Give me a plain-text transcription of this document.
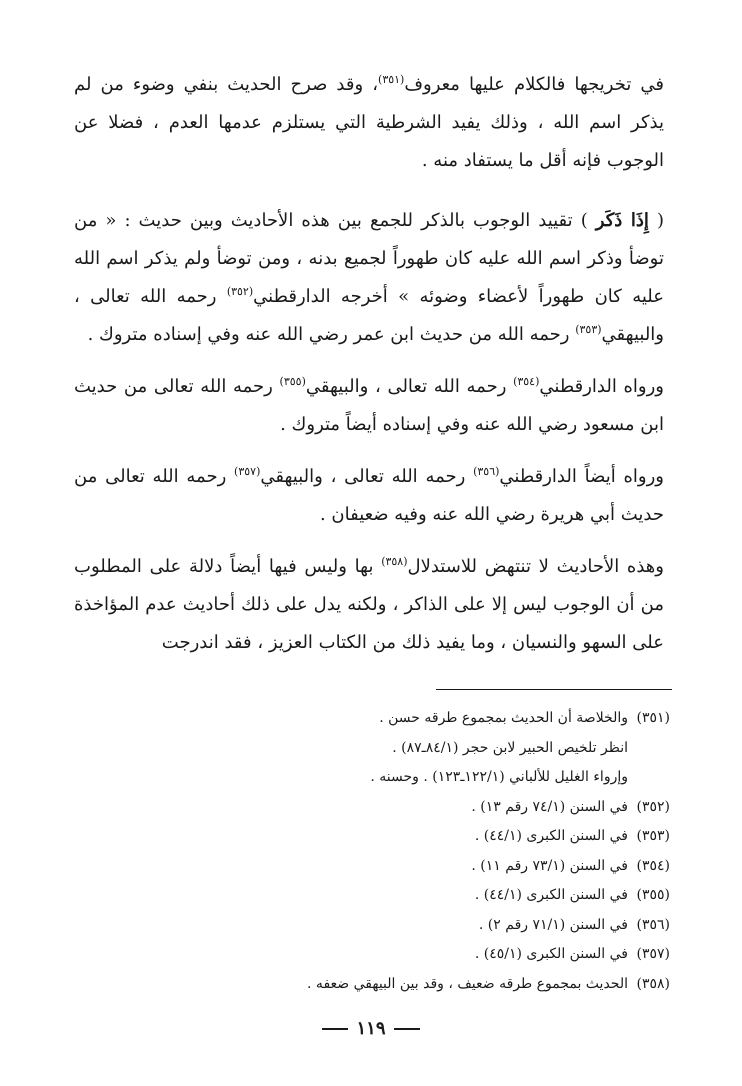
في تخريجها فالكلام عليها معروف$^{(٣٥١)}$، وقد صرح الحديث بنفي وضوء من لم يذكر اسم الله ، وذلك يفيد الشرطية التي يستلزم عدمها العدم ، فضلا عن الوجوب فإنه أقل ما يستفاد منه .

( إِذَا ذَكَر ) تقييد الوجوب بالذكر للجمع بين هذه الأحاديث وبين حديث : « من توضأ وذكر اسم الله عليه كان طهوراً لجميع بدنه ، ومن توضأ ولم يذكر اسم الله عليه كان طهوراً لأعضاء وضوئه » أخرجه الدارقطني$^{(٣٥٢)}$ رحمه الله تعالى ، والبيهقي$^{(٣٥٣)}$ رحمه الله من حديث ابن عمر رضي الله عنه وفي إسناده متروك .

ورواه الدارقطني$^{(٣٥٤)}$ رحمه الله تعالى ، والبيهقي$^{(٣٥٥)}$ رحمه الله تعالى من حديث ابن مسعود رضي الله عنه وفي إسناده أيضاً متروك .

ورواه أيضاً الدارقطني$^{(٣٥٦)}$ رحمه الله تعالى ، والبيهقي$^{(٣٥٧)}$ رحمه الله تعالى من حديث أبي هريرة رضي الله عنه وفيه ضعيفان .

وهذه الأحاديث لا تنتهض للاستدلال$^{(٣٥٨)}$ بها وليس فيها أيضاً دلالة على المطلوب من أن الوجوب ليس إلا على الذاكر ، ولكنه يدل على ذلك أحاديث عدم المؤاخذة على السهو والنسيان ، وما يفيد ذلك من الكتاب العزيز ، فقد اندرجت

(٣٥١)
والخلاصة أن الحديث بمجموع طرقه حسن .
انظر تلخيص الحبير لابن حجر (٨٤/١ـ٨٧) .
وإرواء الغليل للألباني (١٢٢/١ـ١٢٣) . وحسنه .
(٣٥٢)
في السنن (٧٤/١ رقم ١٣) .
(٣٥٣)
في السنن الكبرى (٤٤/١) .
(٣٥٤)
في السنن (٧٣/١ رقم ١١) .
(٣٥٥)
في السنن الكبرى (٤٤/١) .
(٣٥٦)
في السنن (٧١/١ رقم ٢) .
(٣٥٧)
في السنن الكبرى (٤٥/١) .
(٣٥٨)
الحديث بمجموع طرقه ضعيف ، وقد بين البيهقي ضعفه .
١١٩
